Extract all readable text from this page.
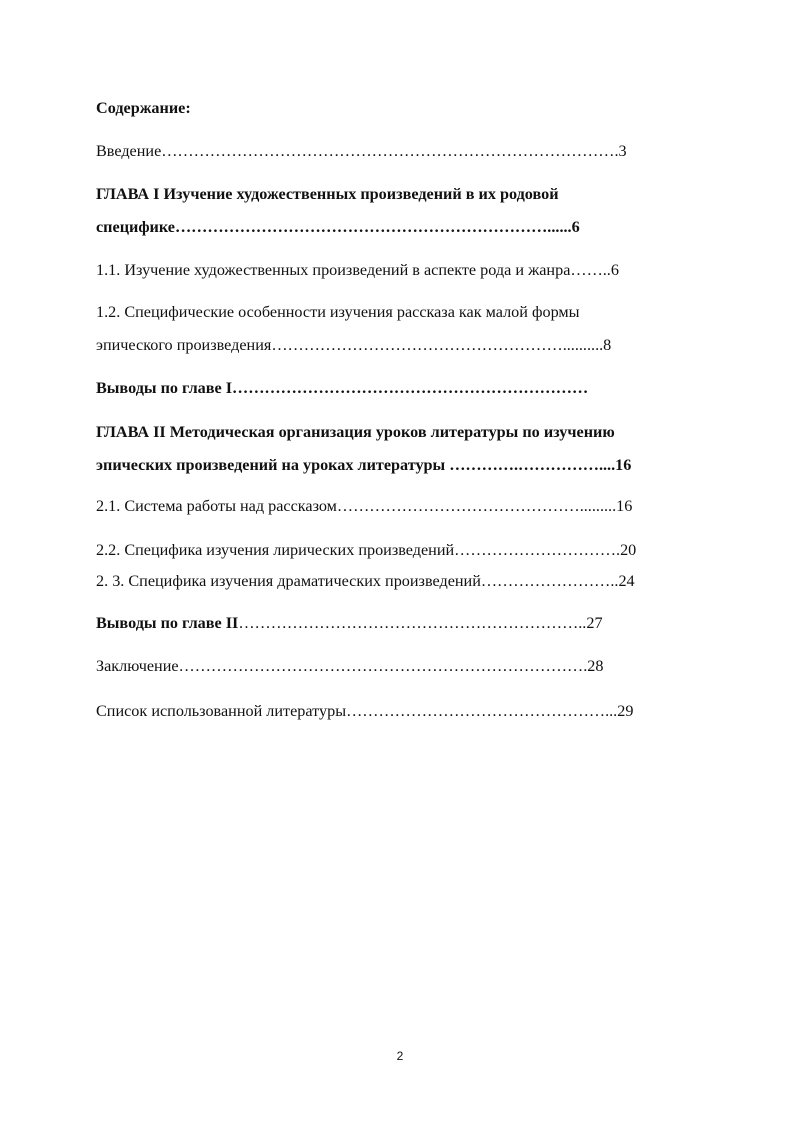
Содержание:
Введение………………………………………………………………………….3
ГЛАВА I Изучение художественных произведений в их родовой
специфике……………………………………………………………......6
1.1. Изучение художественных произведений в аспекте рода и жанра……..6
1.2. Специфические особенности изучения рассказа как малой формы
эпического произведения………………………………………………..........8
Выводы по главе I…………………………………………………………
ГЛАВА II Методическая организация уроков литературы по изучению
эпических произведений на уроках литературы ………….……………....16
2.1. Система работы над рассказом……………………………………….........16
2.2. Специфика изучения лирических произведений………………………….20
2. 3. Специфика изучения драматических произведений……………………..24
Выводы по главе II………………………………………………………..27
Заключение………………………………………………………………….28
Список использованной литературы…………………………………………...29
2
